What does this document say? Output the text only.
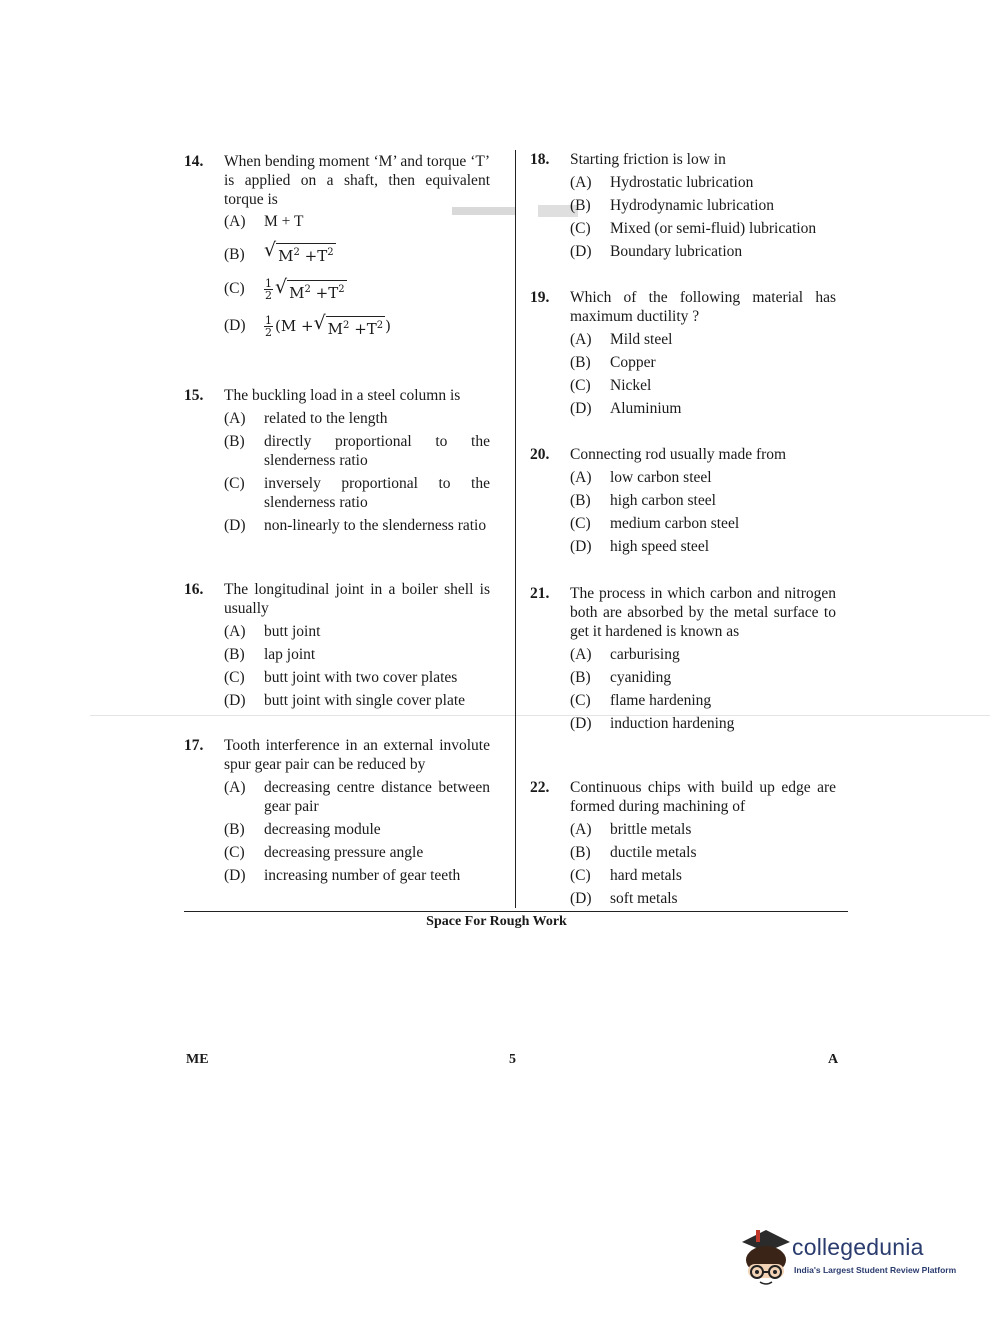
14.	When bending moment ‘M’ and torque ‘T’ is applied on a shaft, then equivalent torque is
(A)	M + T
(B)	√ $M^2 +T^2$
(C)	$\frac{1}{2}$ √ $M^2 +T^2$
(D)	$\frac{1}{2} (M$ + √ $M^2 +T^2$ )
15.	The buckling load in a steel column is
(A)	related to the length
(B)	directly proportional to the slenderness ratio
(C)	inversely proportional to the slenderness ratio
(D)	non-linearly to the slenderness ratio
16.	The longitudinal joint in a boiler shell is usually
(A)	butt joint
(B)	lap joint
(C)	butt joint with two cover plates
(D)	butt joint with single cover plate
17.	Tooth interference in an external involute spur gear pair can be reduced by
(A)	decreasing centre distance between gear pair
(B)	decreasing module
(C)	decreasing pressure angle
(D)	increasing number of gear teeth
18.	Starting friction is low in
(A)	Hydrostatic lubrication
(B)	Hydrodynamic lubrication
(C)	Mixed (or semi-fluid) lubrication
(D)	Boundary lubrication
19.	Which of the following material has maximum ductility ?
(A)	Mild steel
(B)	Copper
(C)	Nickel
(D)	Aluminium
20.	Connecting rod usually made from
(A)	low carbon steel
(B)	high carbon steel
(C)	medium carbon steel
(D)	high speed steel
21.	The process in which carbon and nitrogen both are absorbed by the metal surface to get it hardened is known as
(A)	carburising
(B)	cyaniding
(C)	flame hardening
(D)	induction hardening
22.	Continuous chips with build up edge are formed during machining of
(A)	brittle metals
(B)	ductile metals
(C)	hard metals
(D)	soft metals
Space For Rough Work
ME	5	A
collegedunia
India's Largest Student Review Platform
